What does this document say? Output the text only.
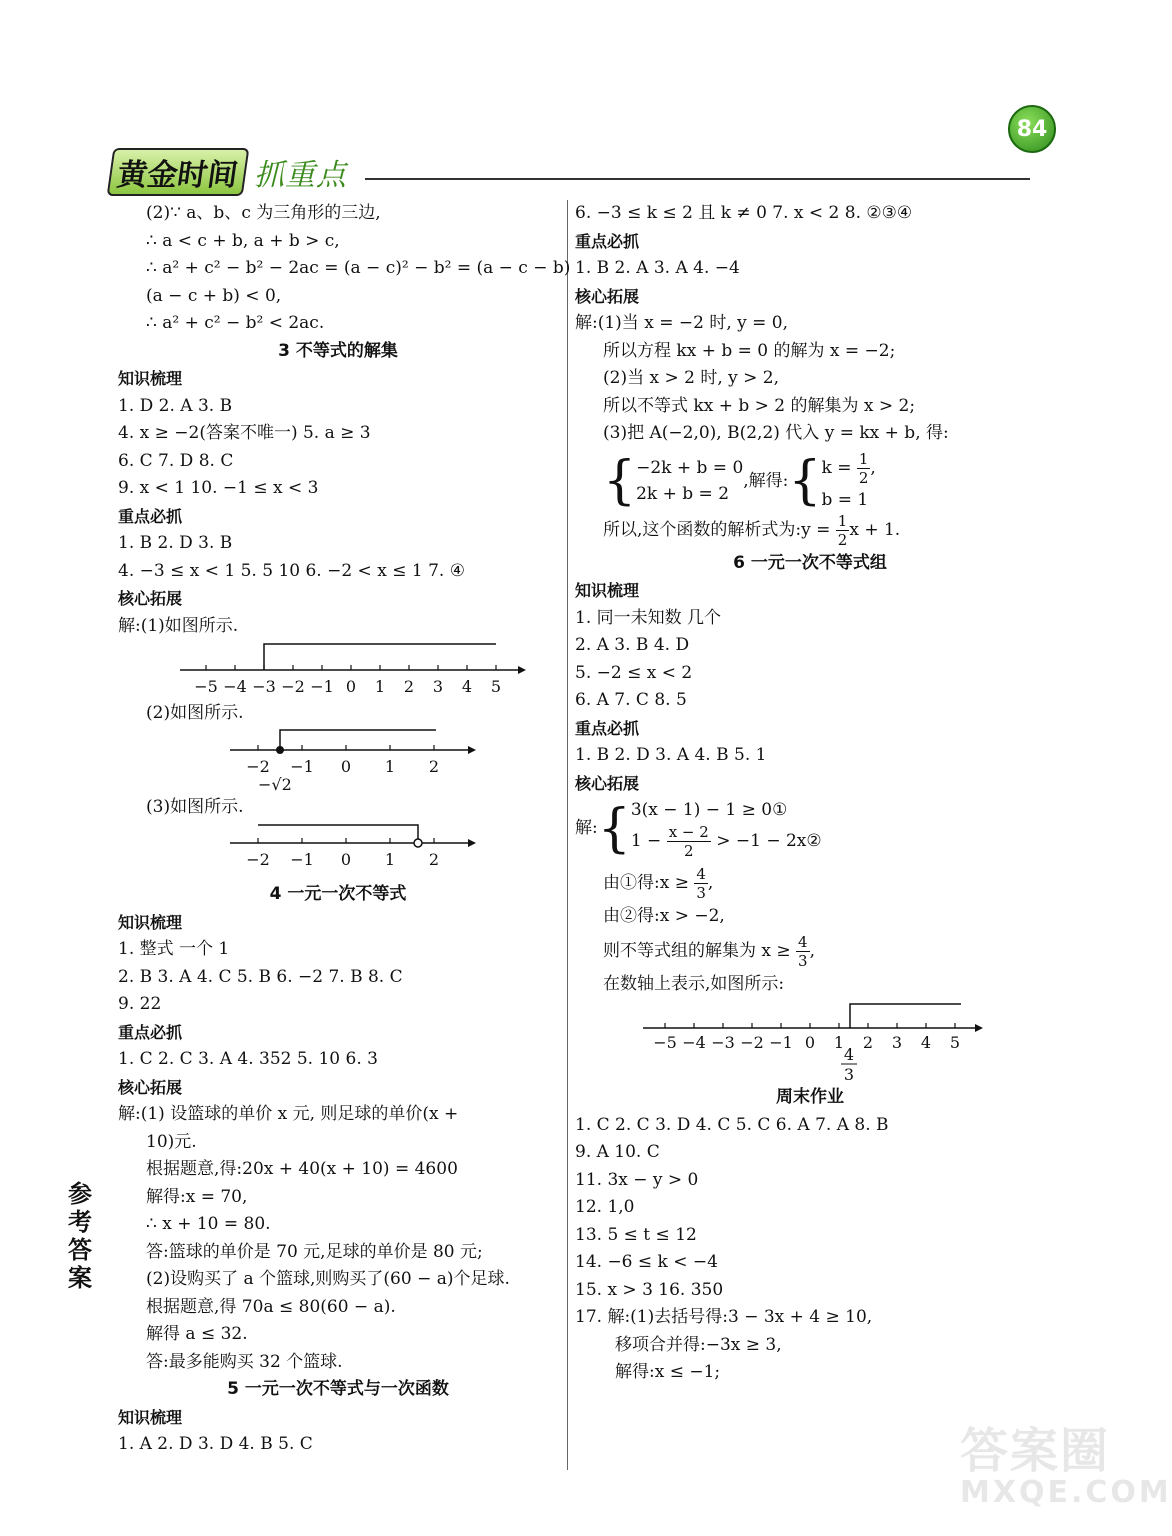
84
黄金时间 抓重点
参
考
答
案
(2)∵ a、b、c 为三角形的三边,
∴ a < c + b, a + b > c,
∴ a² + c² − b² − 2ac = (a − c)² − b² = (a − c − b)
(a − c + b) < 0,
∴ a² + c² − b² < 2ac.
3 不等式的解集
知识梳理
1. D 2. A 3. B
4. x ≥ −2(答案不唯一) 5. a ≥ 3
6. C 7. D 8. C
9. x < 1 10. −1 ≤ x < 3
重点必抓
1. B 2. D 3. B
4. −3 ≤ x < 1 5. 5 10 6. −2 < x ≤ 1 7. ④
核心拓展
解:(1)如图所示.
−5 −4 −3 −2 −1 0 1 2 3 4 5
(2)如图所示.
−2 −1 0 1 2
−√2
(3)如图所示.
−2 −1 0 1 2
4 一元一次不等式
知识梳理
1. 整式 一个 1
2. B 3. A 4. C 5. B 6. −2 7. B 8. C
9. 22
重点必抓
1. C 2. C 3. A 4. 352 5. 10 6. 3
核心拓展
解:(1) 设篮球的单价 x 元, 则足球的单价(x +
10)元.
根据题意,得:20x + 40(x + 10) = 4600
解得:x = 70,
∴ x + 10 = 80.
答:篮球的单价是 70 元,足球的单价是 80 元;
(2)设购买了 a 个篮球,则购买了(60 − a)个足球.
根据题意,得 70a ≤ 80(60 − a).
解得 a ≤ 32.
答:最多能购买 32 个篮球.
5 一元一次不等式与一次函数
知识梳理
1. A 2. D 3. D 4. B 5. C
6. −3 ≤ k ≤ 2 且 k ≠ 0 7. x < 2 8. ②③④
重点必抓
1. B 2. A 3. A 4. −4
核心拓展
解:(1)当 x = −2 时, y = 0,
所以方程 kx + b = 0 的解为 x = −2;
(2)当 x > 2 时, y > 2,
所以不等式 kx + b > 2 的解集为 x > 2;
(3)把 A(−2,0), B(2,2) 代入 y = kx + b, 得:
{−2k + b = 0
2k + b = 2,解得:{k = $\frac{1}{2}$ ,
b = 1
所以,这个函数的解析式为:y = $\frac{1}{2}$ x + 1.
6 一元一次不等式组
知识梳理
1. 同一未知数 几个
2. A 3. B 4. D
5. −2 ≤ x < 2
6. A 7. C 8. 5
重点必抓
1. B 2. D 3. A 4. B 5. 1
核心拓展
解:{3(x − 1) − 1 ≥ 0①
$1 - \frac{x - 2}{2} > -1$ − 2x②
由①得:x ≥ $\frac{4}{3}$ ,
由②得:x > −2,
则不等式组的解集为 $x \ge \frac{4}{3}$ ,
在数轴上表示,如图所示:
−5 −4 −3 −2 −1 0 1 2 3 4 5
4
3
周末作业
1. C 2. C 3. D 4. C 5. C 6. A 7. A 8. B
9. A 10. C
11. 3x − y > 0
12. 1,0
13. 5 ≤ t ≤ 12
14. −6 ≤ k < −4
15. x > 3 16. 350
17. 解:(1)去括号得:3 − 3x + 4 ≥ 10,
移项合并得:−3x ≥ 3,
解得:x ≤ −1;
答案圈
MXQE.COM
